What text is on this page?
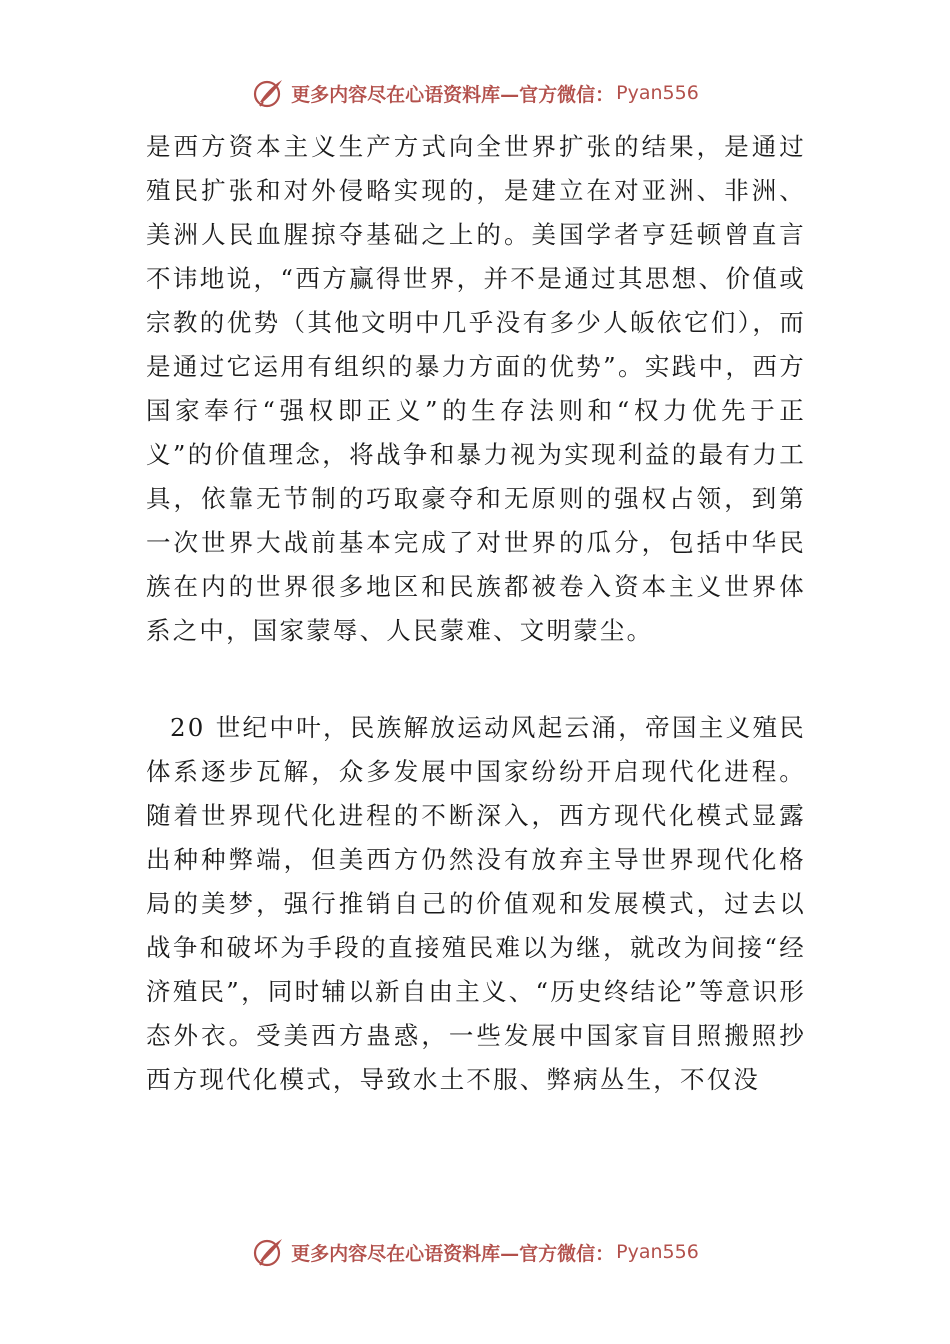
更多内容尽在心语资料库—官方微信： Pyan556

是西方资本主义生产方式向全世界扩张的结果，是通过殖民扩张和对外侵略实现的，是建立在对亚洲、非洲、美洲人民血腥掠夺基础之上的。美国学者亨廷顿曾直言不讳地说，“西方赢得世界，并不是通过其思想、价值或宗教的优势（其他文明中几乎没有多少人皈依它们），而是通过它运用有组织的暴力方面的优势”。实践中，西方国家奉行“强权即正义”的生存法则和“权力优先于正义”的价值理念，将战争和暴力视为实现利益的最有力工具，依靠无节制的巧取豪夺和无原则的强权占领，到第一次世界大战前基本完成了对世界的瓜分，包括中华民族在内的世界很多地区和民族都被卷入资本主义世界体系之中，国家蒙辱、人民蒙难、文明蒙尘。

20 世纪中叶，民族解放运动风起云涌，帝国主义殖民体系逐步瓦解，众多发展中国家纷纷开启现代化进程。随着世界现代化进程的不断深入，西方现代化模式显露出种种弊端，但美西方仍然没有放弃主导世界现代化格局的美梦，强行推销自己的价值观和发展模式，过去以战争和破坏为手段的直接殖民难以为继，就改为间接“经济殖民”，同时辅以新自由主义、“历史终结论”等意识形态外衣。受美西方蛊惑，一些发展中国家盲目照搬照抄西方现代化模式，导致水土不服、弊病丛生，不仅没

更多内容尽在心语资料库—官方微信： Pyan556
